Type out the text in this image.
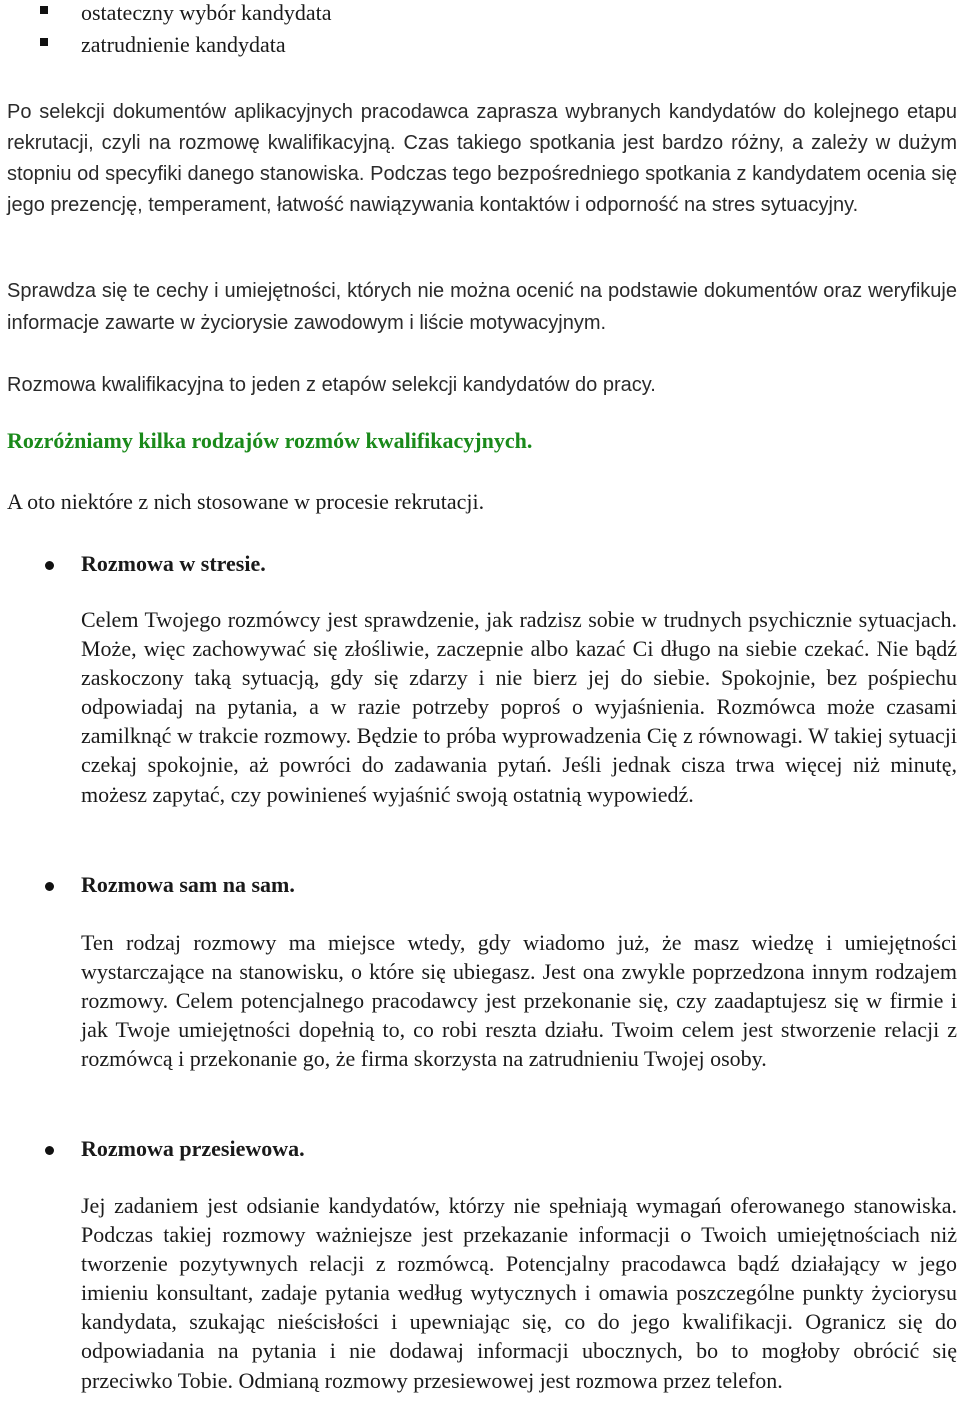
ostateczny wybór kandydata
zatrudnienie kandydata

Po selekcji dokumentów aplikacyjnych pracodawca zaprasza wybranych kandydatów do kolejnego etapu rekrutacji, czyli na rozmowę kwalifikacyjną. Czas takiego spotkania jest bardzo różny, a zależy w dużym stopniu od specyfiki danego stanowiska. Podczas tego bezpośredniego spotkania z kandydatem ocenia się jego prezencję, temperament, łatwość nawiązywania kontaktów i odporność na stres sytuacyjny.

Sprawdza się te cechy i umiejętności, których nie można ocenić na podstawie dokumentów oraz weryfikuje informacje zawarte w życiorysie zawodowym i liście motywacyjnym.

Rozmowa kwalifikacyjna to jeden z etapów selekcji kandydatów do pracy.

Rozróżniamy kilka rodzajów rozmów kwalifikacyjnych.

A oto niektóre z nich stosowane w procesie rekrutacji.

Rozmowa w stresie.

Celem Twojego rozmówcy jest sprawdzenie, jak radzisz sobie w trudnych psychicznie sytuacjach. Może, więc zachowywać się złośliwie, zaczepnie albo kazać Ci długo na siebie czekać. Nie bądź zaskoczony taką sytuacją, gdy się zdarzy i nie bierz jej do siebie. Spokojnie, bez pośpiechu odpowiadaj na pytania, a w razie potrzeby poproś o wyjaśnienia. Rozmówca może czasami zamilknąć w trakcie rozmowy. Będzie to próba wyprowadzenia Cię z równowagi. W takiej sytuacji czekaj spokojnie, aż powróci do zadawania pytań. Jeśli jednak cisza trwa więcej niż minutę, możesz zapytać, czy powinieneś wyjaśnić swoją ostatnią wypowiedź.

Rozmowa sam na sam.

Ten rodzaj rozmowy ma miejsce wtedy, gdy wiadomo już, że masz wiedzę i umiejętności wystarczające na stanowisku, o które się ubiegasz. Jest ona zwykle poprzedzona innym rodzajem rozmowy. Celem potencjalnego pracodawcy jest przekonanie się, czy zaadaptujesz się w firmie i jak Twoje umiejętności dopełnią to, co robi reszta działu. Twoim celem jest stworzenie relacji z rozmówcą i przekonanie go, że firma skorzysta na zatrudnieniu Twojej osoby.

Rozmowa przesiewowa.

Jej zadaniem jest odsianie kandydatów, którzy nie spełniają wymagań oferowanego stanowiska. Podczas takiej rozmowy ważniejsze jest przekazanie informacji o Twoich umiejętnościach niż tworzenie pozytywnych relacji z rozmówcą. Potencjalny pracodawca bądź działający w jego imieniu konsultant, zadaje pytania według wytycznych i omawia poszczególne punkty życiorysu kandydata, szukając nieścisłości i upewniając się, co do jego kwalifikacji. Ogranicz się do odpowiadania na pytania i nie dodawaj informacji ubocznych, bo to mogłoby obrócić się przeciwko Tobie. Odmianą rozmowy przesiewowej jest rozmowa przez telefon.
